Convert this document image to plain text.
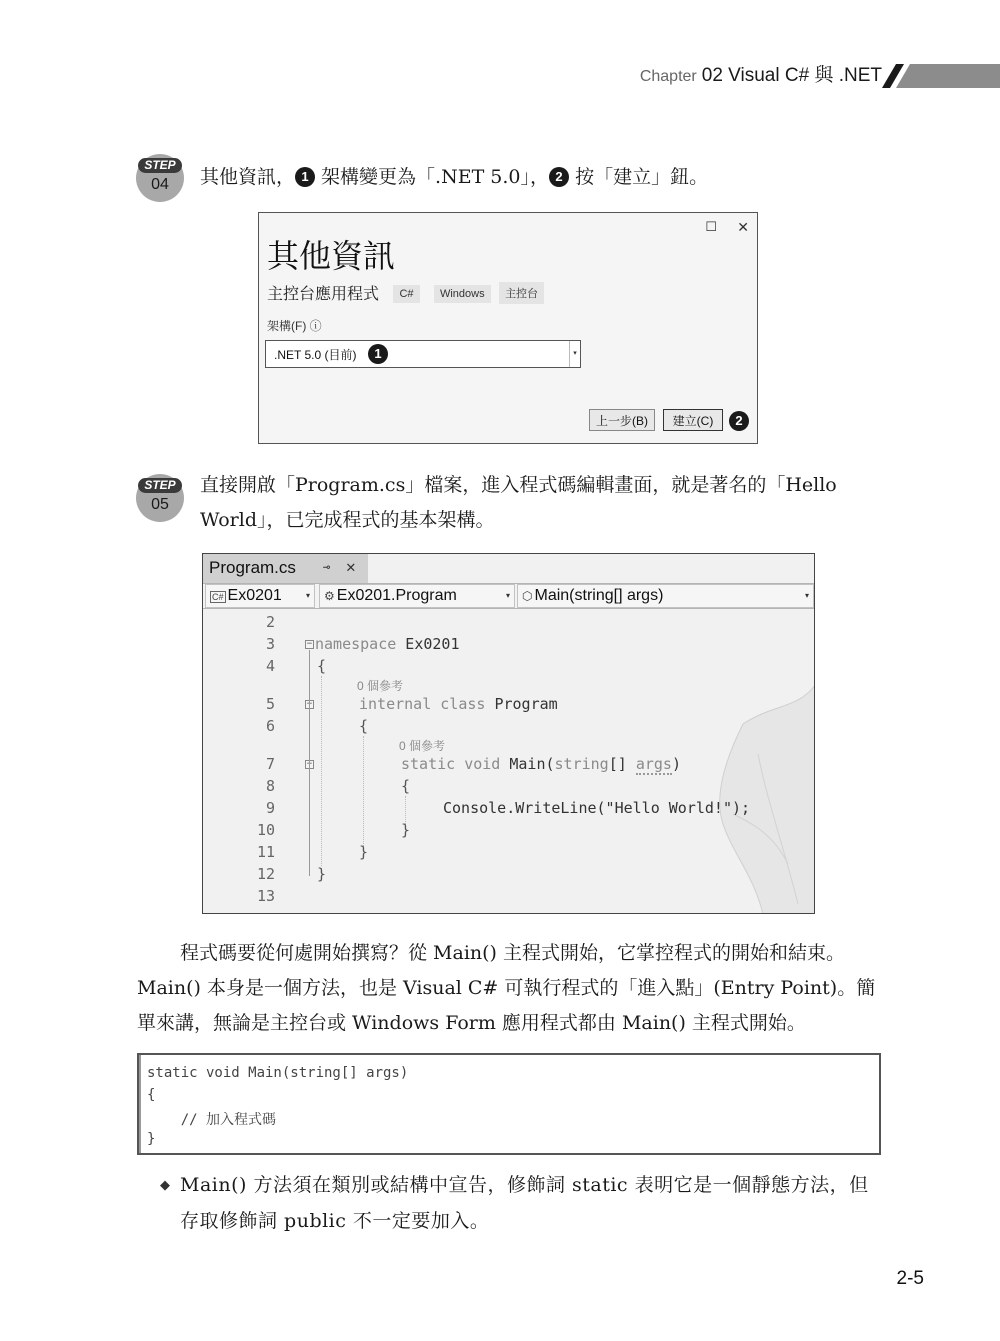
Chapter 02 Visual C# 與 .NET
STEP
04	其他資訊， 1 架構變更為「.NET 5.0」， 2 按「建立」鈕。
☐ ✕
其他資訊
主控台應用程式 C# Windows 主控台
架構(F) ⓘ
.NET 5.0 (目前)	1	▾
上一步(B)	建立(C)	2
STEP
05
直接開啟「Program.cs」檔案，進入程式碼編輯畫面，就是著名的「Hello
World」，已完成程式的基本架構。
Program.cs ⊸ ✕
C# Ex0201	▾	⚙ Ex0201.Program	▾	⬡ Main(string[] args)	▾
2
3
4
5
6
7
8
9
10
11
12
13
−
−
−
namespace Ex0201
{
0 個參考
internal class Program
{
0 個參考
static void Main(string[] args)
{
Console.WriteLine("Hello World!");
}
}
}
程式碼要從何處開始撰寫？從 Main() 主程式開始，它掌控程式的開始和結束。
Main() 本身是一個方法，也是 Visual C# 可執行程式的「進入點」(Entry Point)。簡
單來講，無論是主控台或 Windows Form 應用程式都由 Main() 主程式開始。
static void Main(string[] args)
{
// 加入程式碼
}
◆ Main() 方法須在類別或結構中宣告，修飾詞 static 表明它是一個靜態方法，但
存取修飾詞 public 不一定要加入。
2-5
